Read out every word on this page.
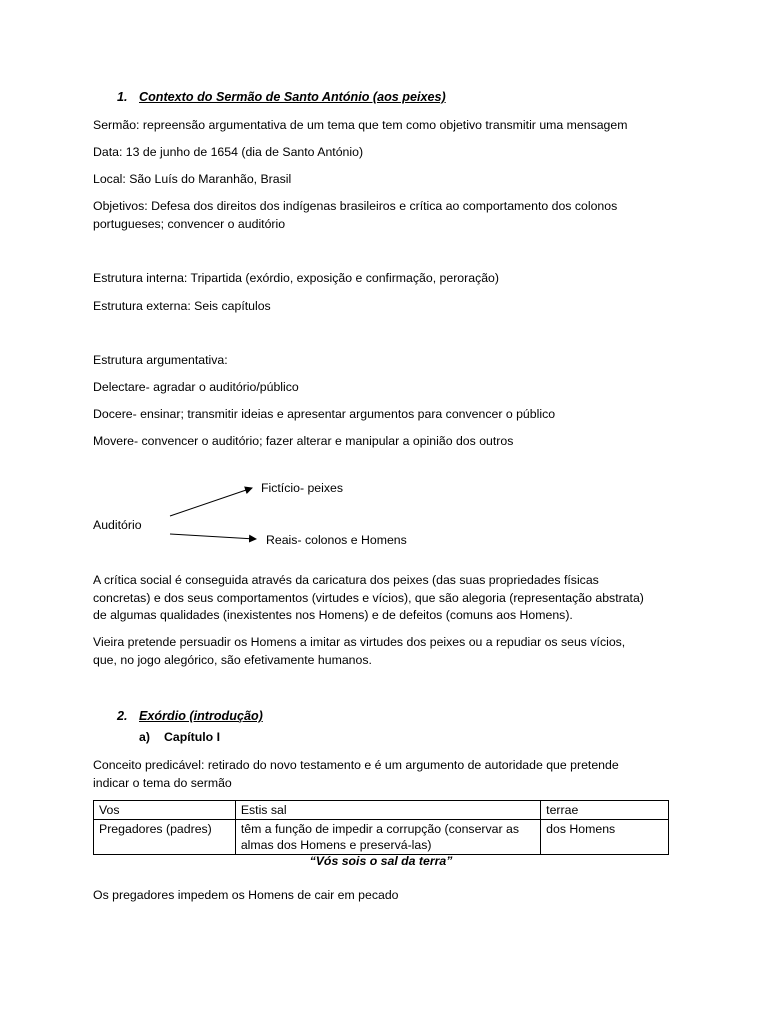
1. Contexto do Sermão de Santo António (aos peixes)

Sermão: repreensão argumentativa de um tema que tem como objetivo transmitir uma mensagem

Data: 13 de junho de 1654 (dia de Santo António)

Local: São Luís do Maranhão, Brasil

Objetivos: Defesa dos direitos dos indígenas brasileiros e crítica ao comportamento dos colonos

portugueses; convencer o auditório

Estrutura interna: Tripartida (exórdio, exposição e confirmação, peroração)

Estrutura externa: Seis capítulos

Estrutura argumentativa:

Delectare- agradar o auditório/público

Docere- ensinar; transmitir ideias e apresentar argumentos para convencer o público

Movere- convencer o auditório; fazer alterar e manipular a opinião dos outros

Fictício- peixes

Auditório

Reais- colonos e Homens

A crítica social é conseguida através da caricatura dos peixes (das suas propriedades físicas

concretas) e dos seus comportamentos (virtudes e vícios), que são alegoria (representação abstrata)

de algumas qualidades (inexistentes nos Homens) e de defeitos (comuns aos Homens).

Vieira pretende persuadir os Homens a imitar as virtudes dos peixes ou a repudiar os seus vícios,

que, no jogo alegórico, são efetivamente humanos.

2. Exórdio (introdução)

a) Capítulo I

Conceito predicável: retirado do novo testamento e é um argumento de autoridade que pretende

indicar o tema do sermão

Vos	Estis sal	terrae
Pregadores (padres)	têm a função de impedir a corrupção (conservar as almas dos Homens e preservá-las)	dos Homens

“Vós sois o sal da terra”

Os pregadores impedem os Homens de cair em pecado
